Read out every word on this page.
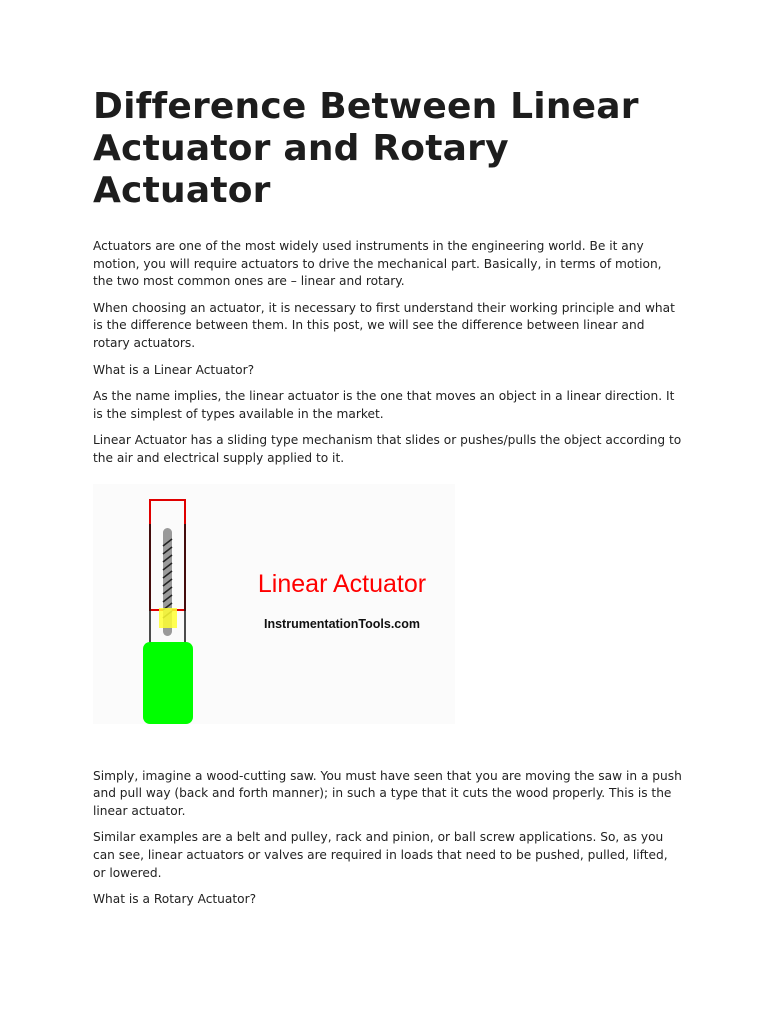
Difference Between Linear Actuator and Rotary Actuator

Actuators are one of the most widely used instruments in the engineering world. Be it any motion, you will require actuators to drive the mechanical part. Basically, in terms of motion, the two most common ones are – linear and rotary.

When choosing an actuator, it is necessary to first understand their working principle and what is the difference between them. In this post, we will see the difference between linear and rotary actuators.

What is a Linear Actuator?

As the name implies, the linear actuator is the one that moves an object in a linear direction. It is the simplest of types available in the market.

Linear Actuator has a sliding type mechanism that slides or pushes/pulls the object according to the air and electrical supply applied to it.

Linear Actuator
InstrumentationTools.com

Simply, imagine a wood-cutting saw. You must have seen that you are moving the saw in a push and pull way (back and forth manner); in such a type that it cuts the wood properly. This is the linear actuator.

Similar examples are a belt and pulley, rack and pinion, or ball screw applications. So, as you can see, linear actuators or valves are required in loads that need to be pushed, pulled, lifted, or lowered.

What is a Rotary Actuator?
